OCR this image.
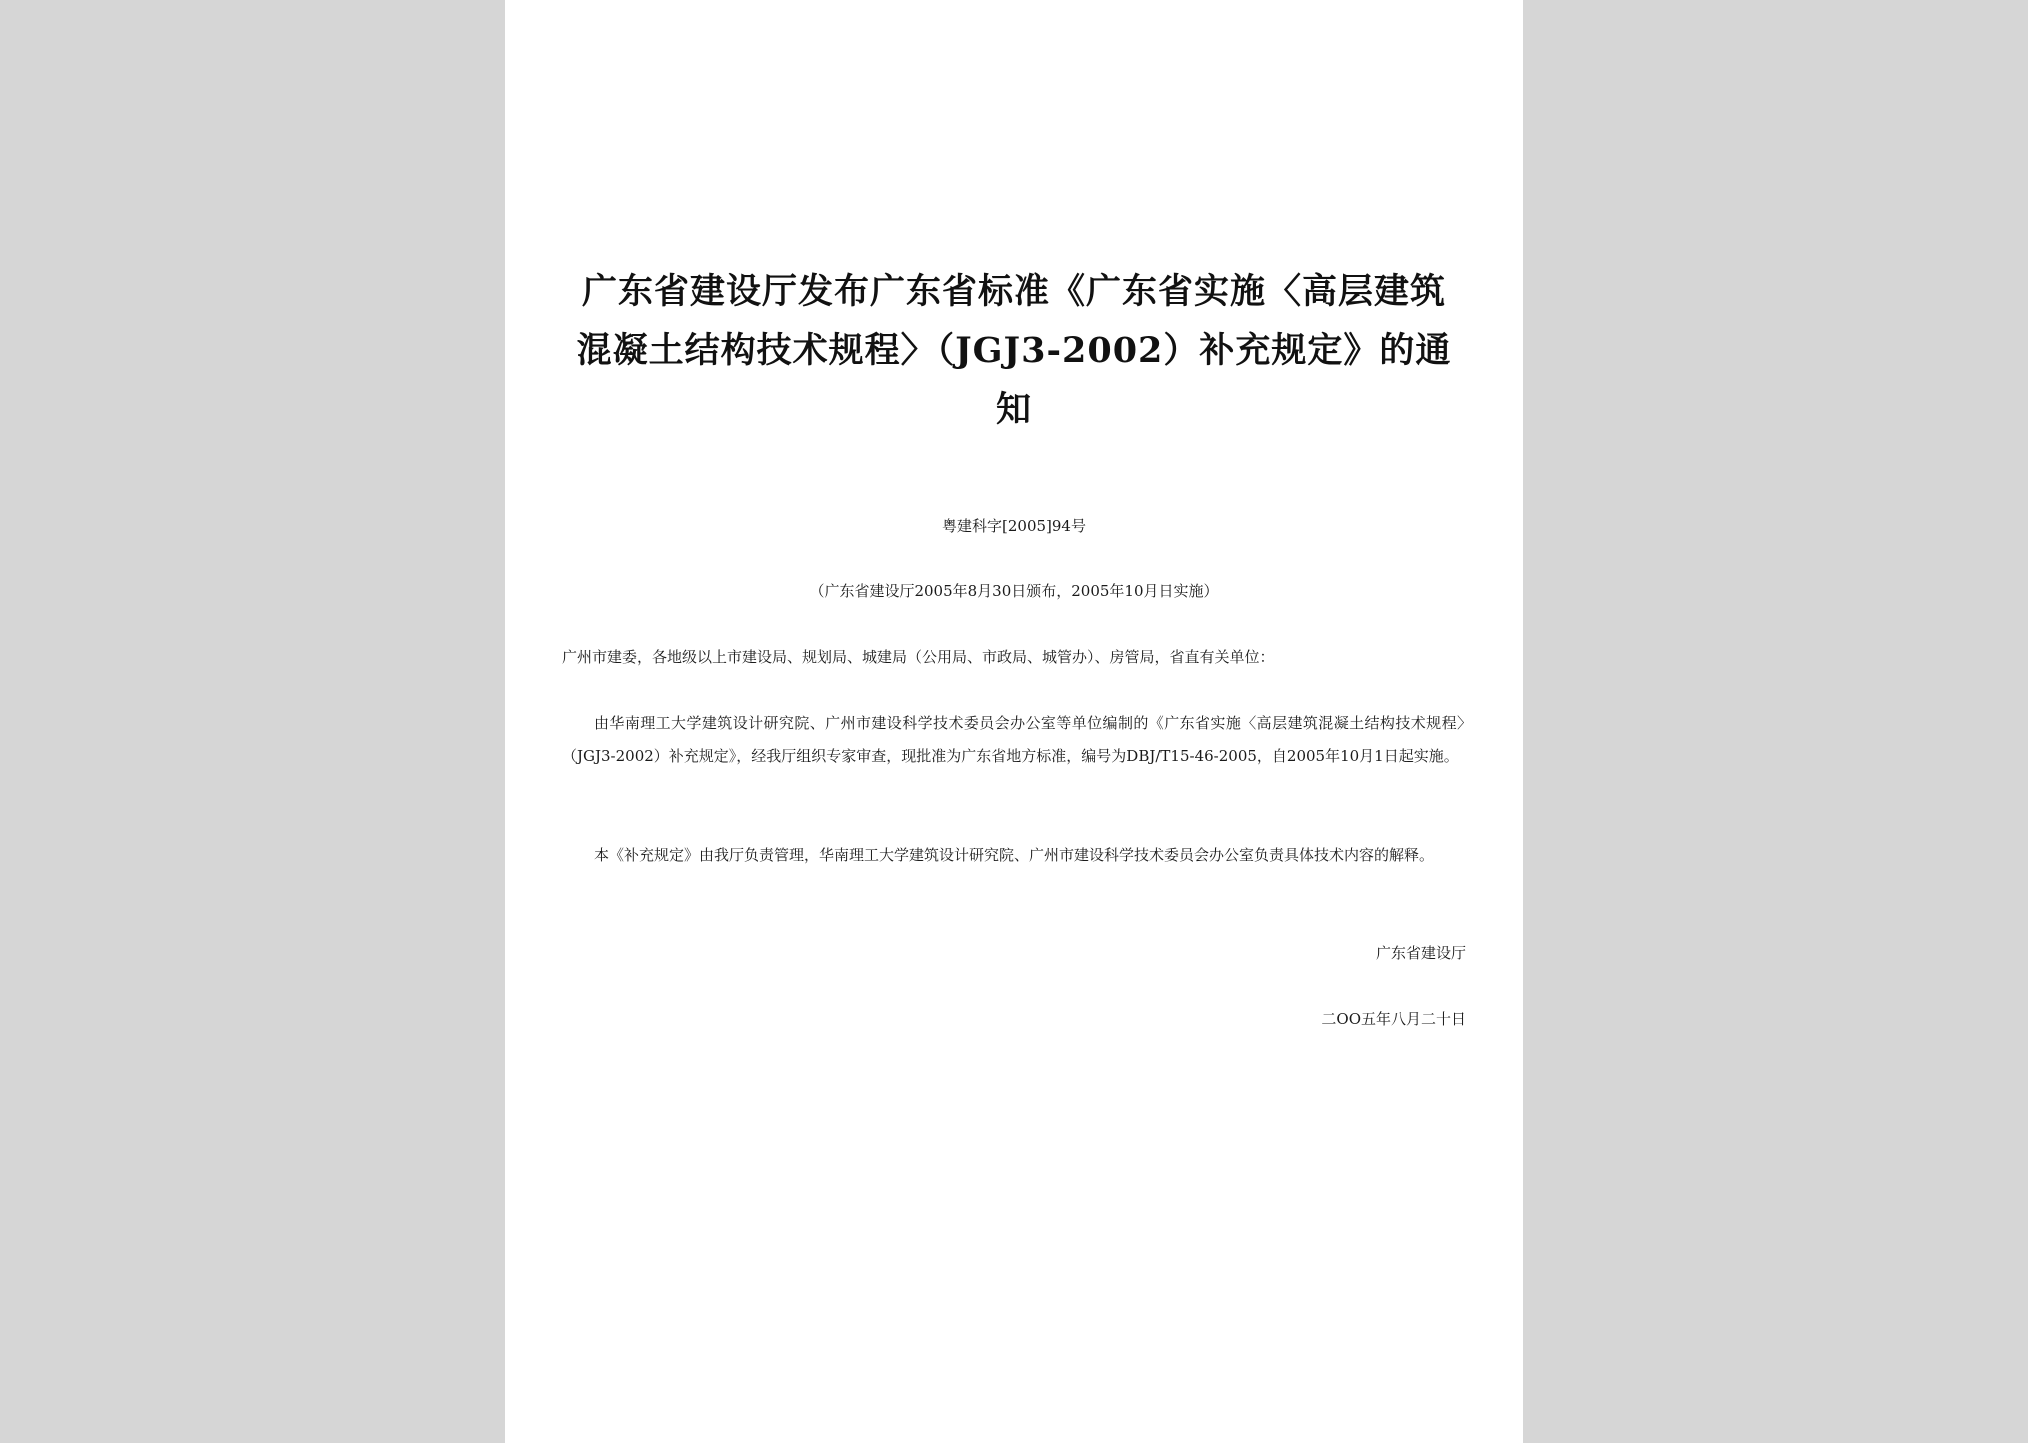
广东省建设厅发布广东省标准《广东省实施〈高层建筑
混凝土结构技术规程〉（JGJ3-2002）补充规定》的通
知
粤建科字[2005]94号
（广东省建设厅2005年8月30日颁布，2005年10月日实施）
广州市建委，各地级以上市建设局、规划局、城建局（公用局、市政局、城管办）、房管局，省直有关单位：

由华南理工大学建筑设计研究院、广州市建设科学技术委员会办公室等单位编制的《广东省实施〈高层建筑混凝土结构技术规程〉（JGJ3-2002）补充规定》，经我厅组织专家审查，现批准为广东省地方标准，编号为DBJ/T15-46-2005，自2005年10月1日起实施。

本《补充规定》由我厅负责管理，华南理工大学建筑设计研究院、广州市建设科学技术委员会办公室负责具体技术内容的解释。

广东省建设厅
二OO五年八月二十日
